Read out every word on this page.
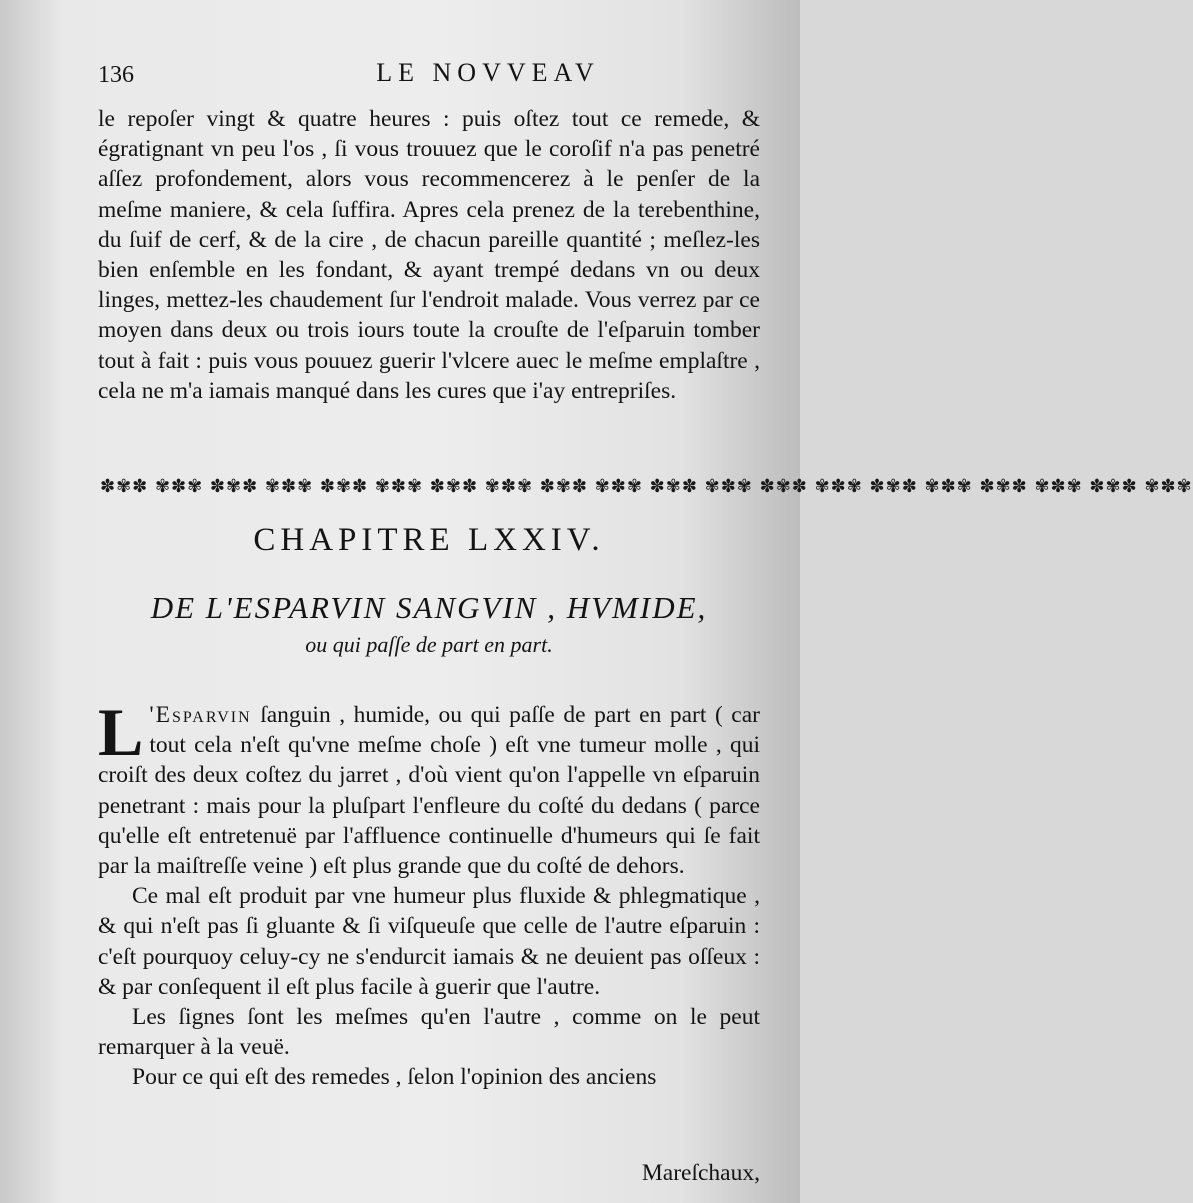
136	LE NOVVEAV

le repoſer vingt & quatre heures : puis oſtez tout ce remede, & égratignant vn peu l'os , ſi vous trouuez que le coroſif n'a pas penetré aſſez profondement, alors vous recommencerez à le penſer de la meſme maniere, & cela ſuffira. Apres cela prenez de la terebenthine, du ſuif de cerf, & de la cire , de chacun pareille quantité ; meſlez-les bien enſemble en les fondant, & ayant trempé dedans vn ou deux linges, mettez-les chaudement ſur l'endroit malade. Vous verrez par ce moyen dans deux ou trois iours toute la crouſte de l'eſparuin tomber tout à fait : puis vous pouuez guerir l'vlcere auec le meſme emplaſtre , cela ne m'a iamais manqué dans les cures que i'ay entrepriſes.

✽✾✽ ✾✽✾ ✽✾✽ ✾✽✾ ✽✾✽ ✾✽✾ ✽✾✽ ✾✽✾ ✽✾✽ ✾✽✾ ✽✾✽ ✾✽✾ ✽✾✽ ✾✽✾ ✽✾✽ ✾✽✾ ✽✾✽ ✾✽✾ ✽✾✽ ✾✽✾
CHAPITRE LXXIV.
DE L'ESPARVIN SANGVIN , HVMIDE,
ou qui paſſe de part en part.

L 'Esparvin ſanguin , humide, ou qui paſſe de part en part ( car tout cela n'eſt qu'vne meſme choſe ) eſt vne tumeur molle , qui croiſt des deux coſtez du jarret , d'où vient qu'on l'appelle vn eſparuin penetrant : mais pour la pluſpart l'enfleure du coſté du dedans ( parce qu'elle eſt entretenuë par l'affluence continuelle d'humeurs qui ſe fait par la maiſtreſſe veine ) eſt plus grande que du coſté de dehors.

Ce mal eſt produit par vne humeur plus fluxide & phlegmatique , & qui n'eſt pas ſi gluante & ſi viſqueuſe que celle de l'autre eſparuin : c'eſt pourquoy celuy-cy ne s'endurcit iamais & ne deuient pas oſſeux : & par conſequent il eſt plus facile à guerir que l'autre.

Les ſignes ſont les meſmes qu'en l'autre , comme on le peut remarquer à la veuë.

Pour ce qui eſt des remedes , ſelon l'opinion des anciens

Mareſchaux,
